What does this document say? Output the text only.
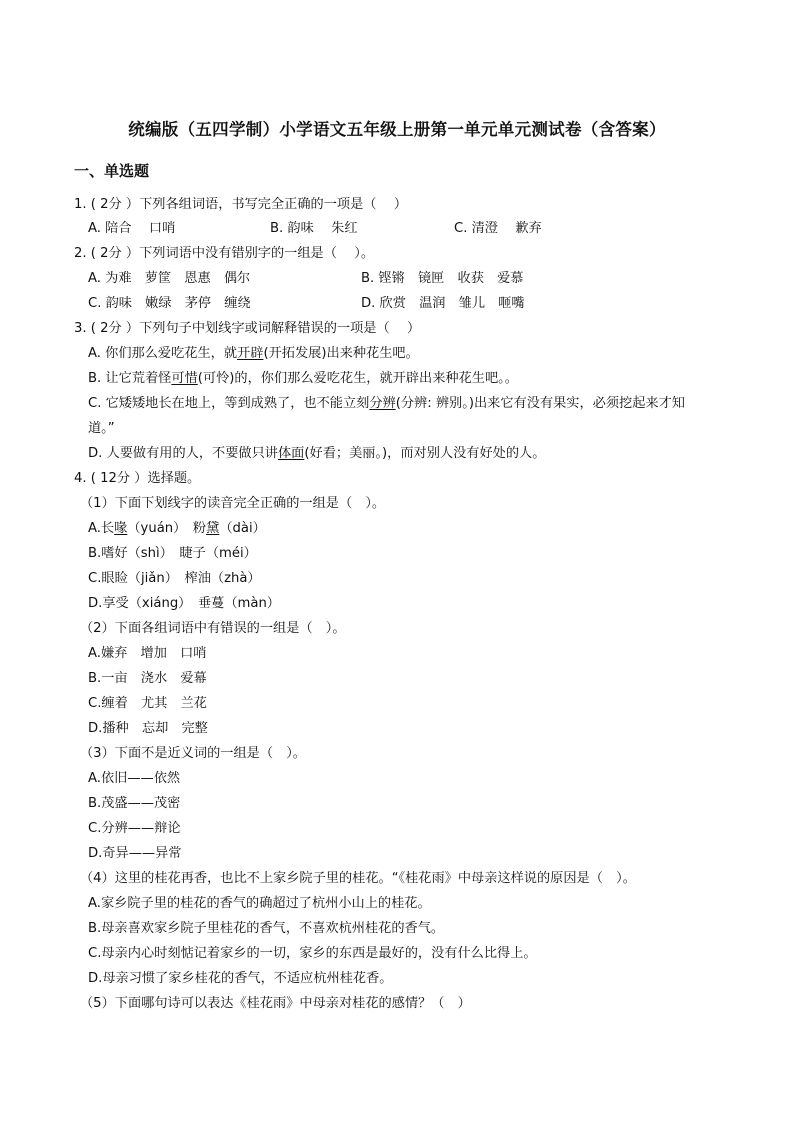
统编版（五四学制）小学语文五年级上册第一单元单元测试卷（含答案）
一、单选题
1. ( 2分 ）下列各组词语，书写完全正确的一项是（　 ）
A. 陪合　 口哨	B. 韵味　 朱红	C. 清澄　 歉弃
2. ( 2分 ）下列词语中没有错别字的一组是（　 ）。
A. 为难　萝筐　恩惠　偶尔	B. 铿锵　镜匣　收获　爱慕
C. 韵味　嫩绿　茅停　缠绕	D. 欣赏　温润　雏儿　咂嘴
3. ( 2分 ）下列句子中划线字或词解释错误的一项是（　 ）
A. 你们那么爱吃花生，就开辟(开拓发展)出来种花生吧。
B. 让它荒着怪可惜(可怜)的，你们那么爱吃花生，就开辟出来种花生吧。。
C. 它矮矮地长在地上，等到成熟了，也不能立刻分辨(分辨: 辨别。)出来它有没有果实，必须挖起来才知
道。”
D. 人要做有用的人，不要做只讲体面(好看；美丽。)，而对别人没有好处的人。
4. ( 12分 ）选择题。
（1）下面下划线字的读音完全正确的一组是（　）。
A.长喙（yuán）　粉黛（dài）
B.嗜好（shì）　睫子（méi）
C.眼睑（jiǎn）　榨油（zhà）
D.享受（xiáng）　垂蔓（màn）
（2）下面各组词语中有错误的一组是（　）。
A.嫌弃　增加　口哨
B.一亩　浇水　爱幕
C.缠着　尤其　兰花
D.播种　忘却　完整
（3）下面不是近义词的一组是（　）。
A.依旧——依然
B.茂盛——茂密
C.分辨——辩论
D.奇异——异常
（4）这里的桂花再香，也比不上家乡院子里的桂花。“《桂花雨》中母亲这样说的原因是（　）。
A.家乡院子里的桂花的香气的确超过了杭州小山上的桂花。
B.母亲喜欢家乡院子里桂花的香气，不喜欢杭州桂花的香气。
C.母亲内心时刻惦记着家乡的一切，家乡的东西是最好的，没有什么比得上。
D.母亲习惯了家乡桂花的香气，不适应杭州桂花香。
（5）下面哪句诗可以表达《桂花雨》中母亲对桂花的感情？（　）
